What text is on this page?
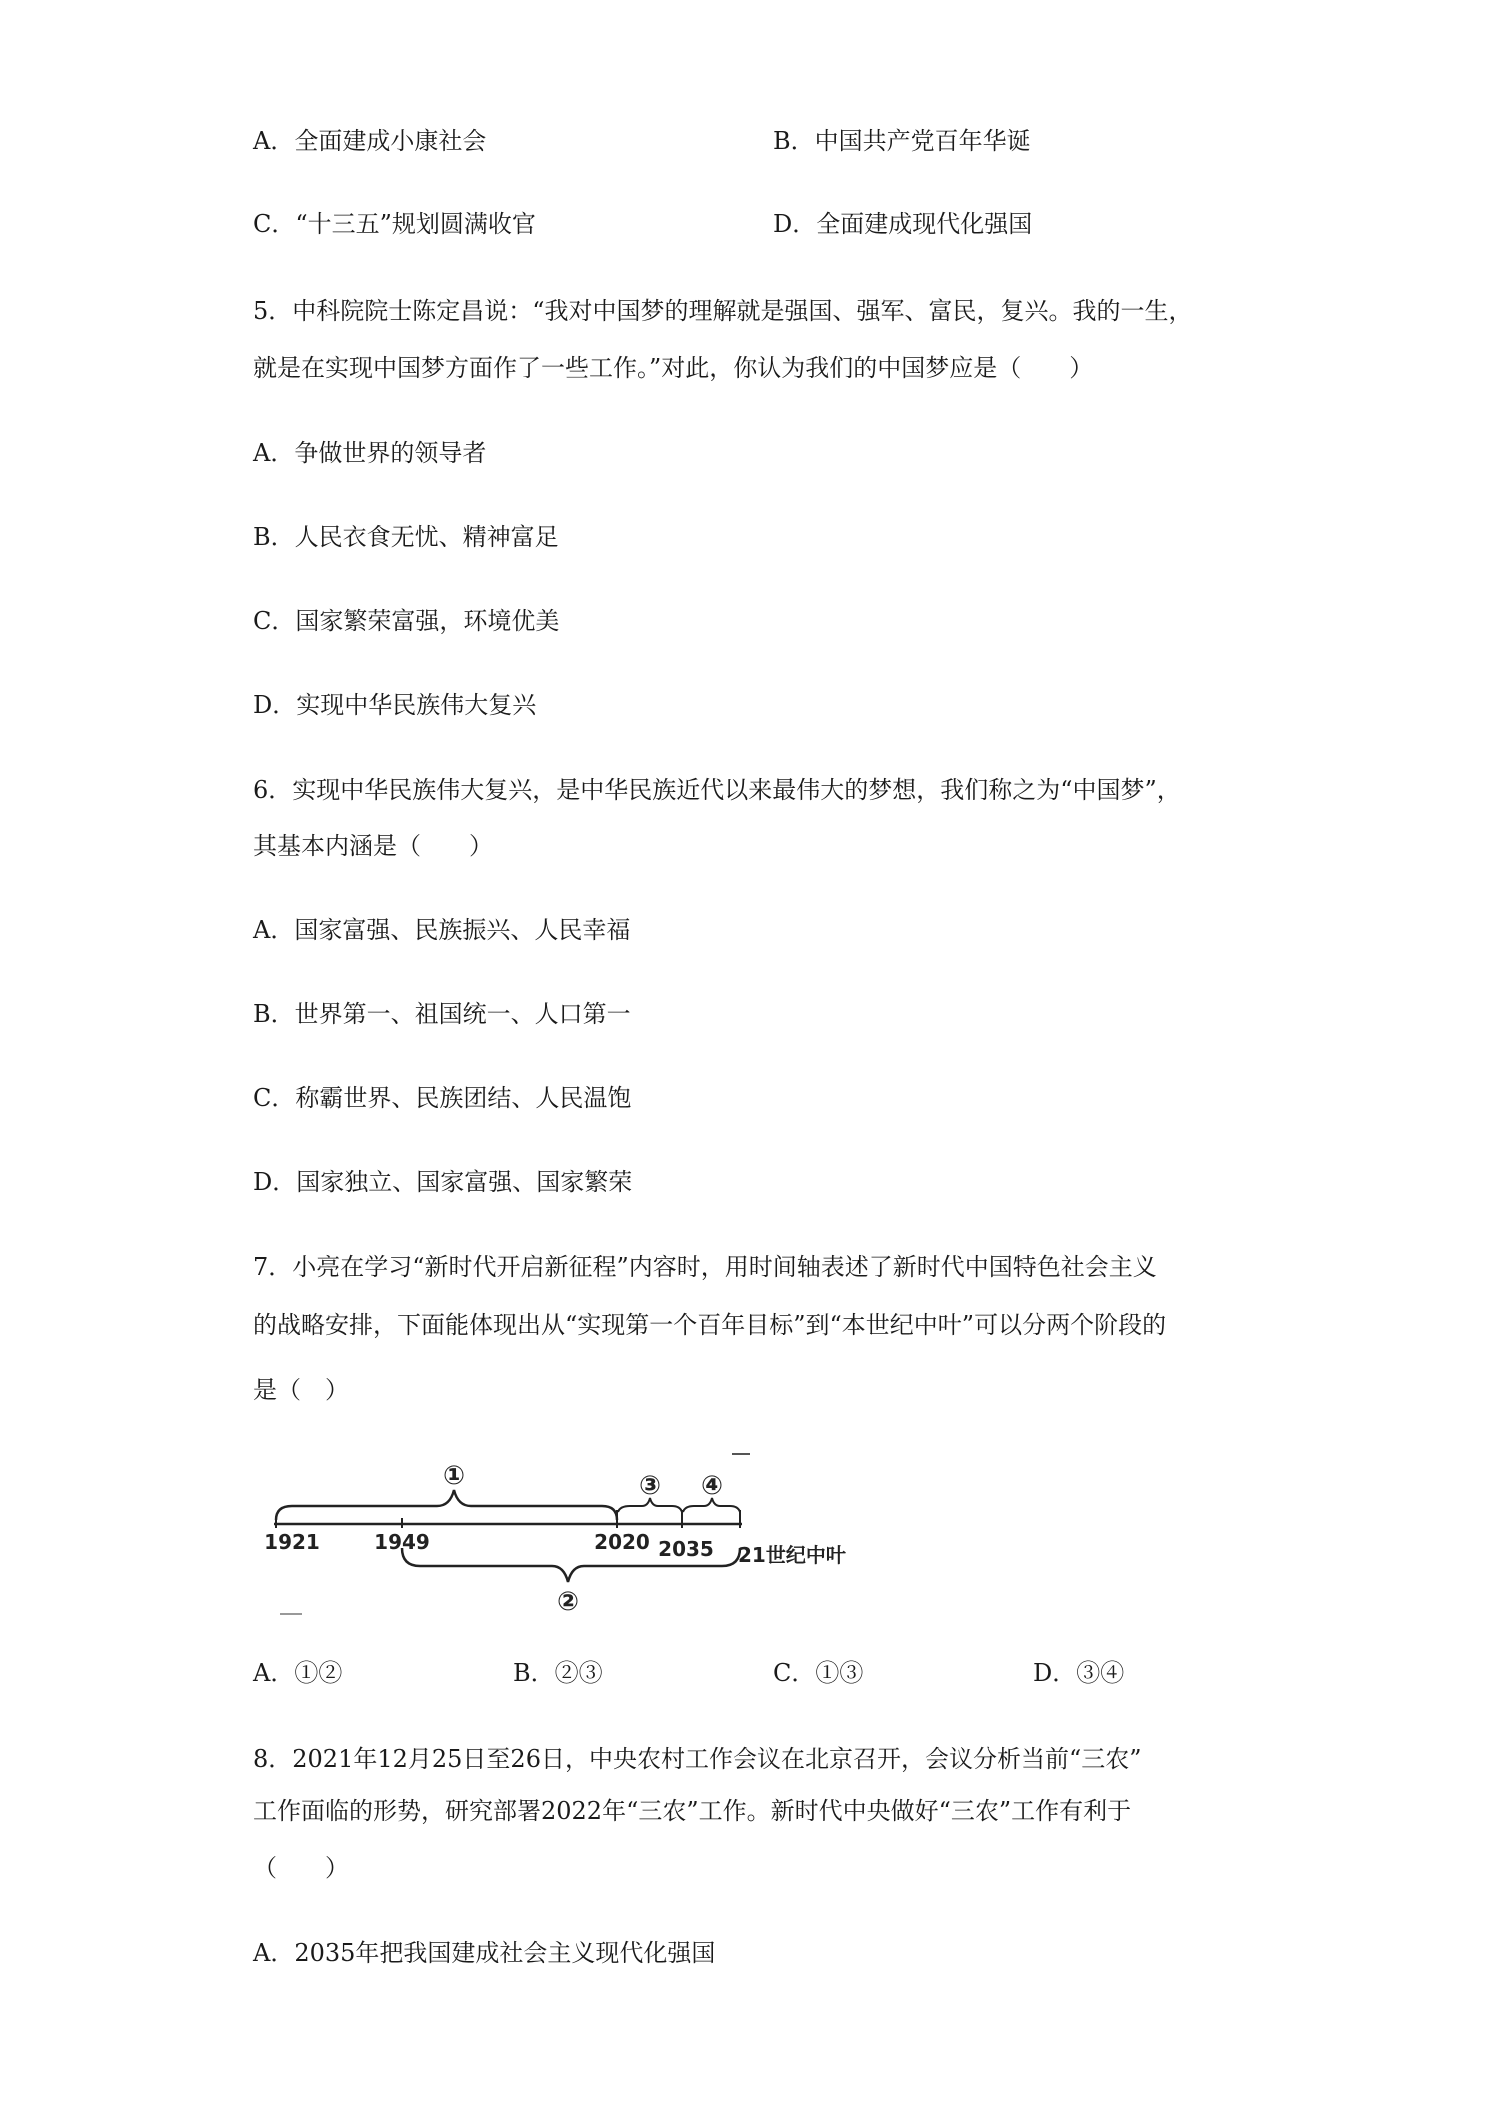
A．全面建成小康社会	B．中国共产党百年华诞
C．“十三五”规划圆满收官	D．全面建成现代化强国
5．中科院院士陈定昌说：“我对中国梦的理解就是强国、强军、富民，复兴。我的一生，
就是在实现中国梦方面作了一些工作。”对此，你认为我们的中国梦应是（　　）
A．争做世界的领导者
B．人民衣食无忧、精神富足
C．国家繁荣富强，环境优美
D．实现中华民族伟大复兴
6．实现中华民族伟大复兴，是中华民族近代以来最伟大的梦想，我们称之为“中国梦”，
其基本内涵是（　　）
A．国家富强、民族振兴、人民幸福
B．世界第一、祖国统一、人口第一
C．称霸世界、民族团结、人民温饱
D．国家独立、国家富强、国家繁荣
7．小亮在学习“新时代开启新征程”内容时，用时间轴表述了新时代中国特色社会主义
的战略安排，下面能体现出从“实现第一个百年目标”到“本世纪中叶”可以分两个阶段的
是（　）
①
②
③ ④
1921	1949	2020 2035 21世纪中叶
A．①②	B．②③	C．①③	D．③④
8．2021年12月25日至26日，中央农村工作会议在北京召开，会议分析当前“三农”
工作面临的形势，研究部署2022年“三农”工作。新时代中央做好“三农”工作有利于
（　　）
A．2035年把我国建成社会主义现代化强国
